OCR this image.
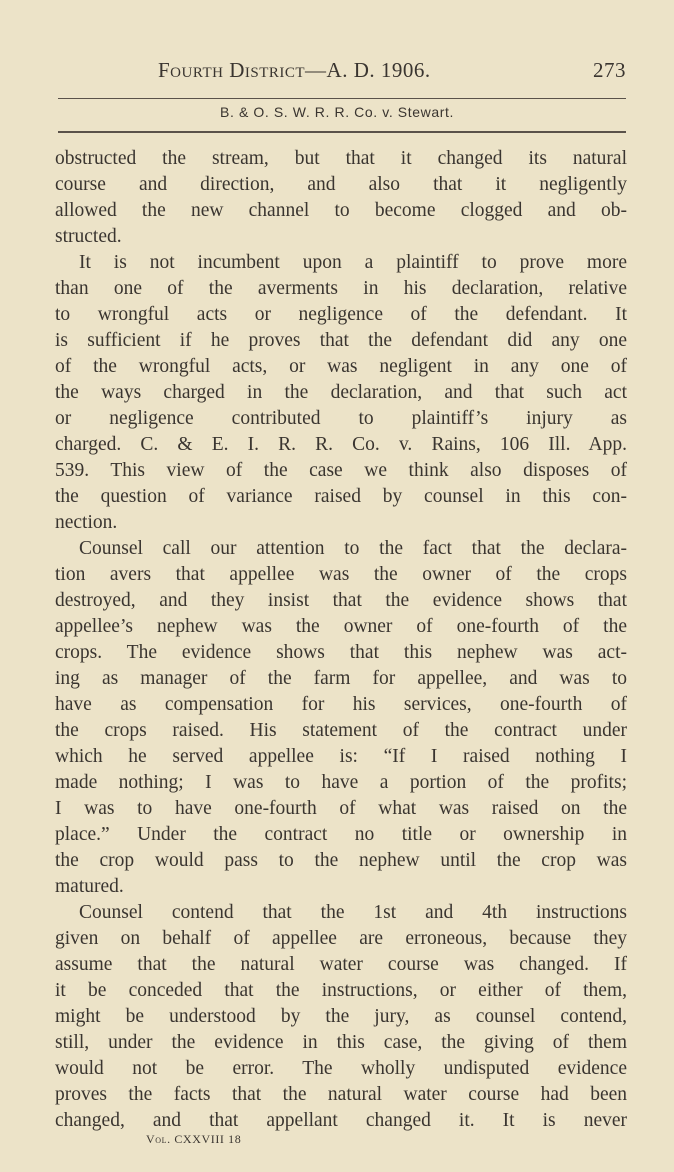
Fourth District—A. D. 1906.	273
B. & O. S. W. R. R. Co. v. Stewart.
obstructed the stream, but that it changed its natural
course and direction, and also that it negligently
allowed the new channel to become clogged and ob-
structed.
It is not incumbent upon a plaintiff to prove more
than one of the averments in his declaration, relative
to wrongful acts or negligence of the defendant. It
is sufficient if he proves that the defendant did any one
of the wrongful acts, or was negligent in any one of
the ways charged in the declaration, and that such act
or negligence contributed to plaintiff’s injury as
charged. C. & E. I. R. R. Co. v. Rains, 106 Ill. App.
539. This view of the case we think also disposes of
the question of variance raised by counsel in this con-
nection.
Counsel call our attention to the fact that the declara-
tion avers that appellee was the owner of the crops
destroyed, and they insist that the evidence shows that
appellee’s nephew was the owner of one-fourth of the
crops. The evidence shows that this nephew was act-
ing as manager of the farm for appellee, and was to
have as compensation for his services, one-fourth of
the crops raised. His statement of the contract under
which he served appellee is: “If I raised nothing I
made nothing; I was to have a portion of the profits;
I was to have one-fourth of what was raised on the
place.” Under the contract no title or ownership in
the crop would pass to the nephew until the crop was
matured.
Counsel contend that the 1st and 4th instructions
given on behalf of appellee are erroneous, because they
assume that the natural water course was changed. If
it be conceded that the instructions, or either of them,
might be understood by the jury, as counsel contend,
still, under the evidence in this case, the giving of them
would not be error. The wholly undisputed evidence
proves the facts that the natural water course had been
changed, and that appellant changed it. It is never
Vol. CXXVIII 18
